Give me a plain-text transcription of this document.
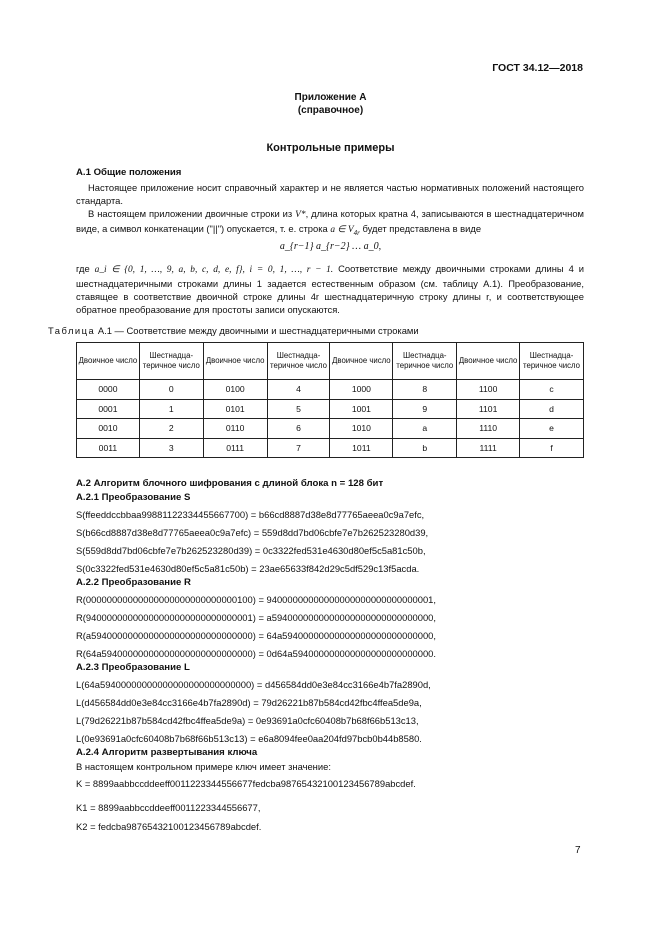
ГОСТ 34.12—2018
Приложение А
(справочное)
Контрольные примеры
А.1 Общие положения
Настоящее приложение носит справочный характер и не является частью нормативных положений настоящего стандарта.
В настоящем приложении двоичные строки из V*, длина которых кратна 4, записываются в шестнадцатеричном виде, а символ конкатенации ("||") опускается, т. е. строка a ∈ $V_{4r}$ будет представлена в виде
a_{r−1} a_{r−2} … a_0,
где a_i ∈ {0, 1, …, 9, a, b, c, d, e, f}, i = 0, 1, …, r − 1. Соответствие между двоичными строками длины 4 и шестнадцатеричными строками длины 1 задается естественным образом (см. таблицу А.1). Преобразование, ставящее в соответствие двоичной строке длины 4r шестнадцатеричную строку длины r, и соответствующее обратное преобразование для простоты записи опускаются.
Таблица А.1 — Соответствие между двоичными и шестнадцатеричными строками
Двоичное число	Шестнадца-теричное число	Двоичное число	Шестнадца-теричное число	Двоичное число	Шестнадца-теричное число	Двоичное число	Шестнадца-теричное число
0000	0	0100	4	1000	8	1100	c
0001	1	0101	5	1001	9	1101	d
0010	2	0110	6	1010	a	1110	e
0011	3	0111	7	1011	b	1111	f
А.2 Алгоритм блочного шифрования с длиной блока n = 128 бит
А.2.1 Преобразование S
S(ffeeddccbbaa99881122334455667700) = b66cd8887d38e8d77765aeea0c9a7efc,
S(b66cd8887d38e8d77765aeea0c9a7efc) = 559d8dd7bd06cbfe7e7b262523280d39,
S(559d8dd7bd06cbfe7e7b262523280d39) = 0c3322fed531e4630d80ef5c5a81c50b,
S(0c3322fed531e4630d80ef5c5a81c50b) = 23ae65633f842d29c5df529c13f5acda.
А.2.2 Преобразование R
R(00000000000000000000000000000100) = 94000000000000000000000000000001,
R(94000000000000000000000000000001) = a5940000000000000000000000000000,
R(a5940000000000000000000000000000) = 64a59400000000000000000000000000,
R(64a59400000000000000000000000000) = 0d64a594000000000000000000000000.
А.2.3 Преобразование L
L(64a59400000000000000000000000000) = d456584dd0e3e84cc3166e4b7fa2890d,
L(d456584dd0e3e84cc3166e4b7fa2890d) = 79d26221b87b584cd42fbc4ffea5de9a,
L(79d26221b87b584cd42fbc4ffea5de9a) = 0e93691a0cfc60408b7b68f66b513c13,
L(0e93691a0cfc60408b7b68f66b513c13) = e6a8094fee0aa204fd97bcb0b44b8580.
А.2.4 Алгоритм развертывания ключа
В настоящем контрольном примере ключ имеет значение:
K = 8899aabbccddeeff0011223344556677fedcba98765432100123456789abcdef.
K1 = 8899aabbccddeeff0011223344556677,
K2 = fedcba98765432100123456789abcdef.
7
